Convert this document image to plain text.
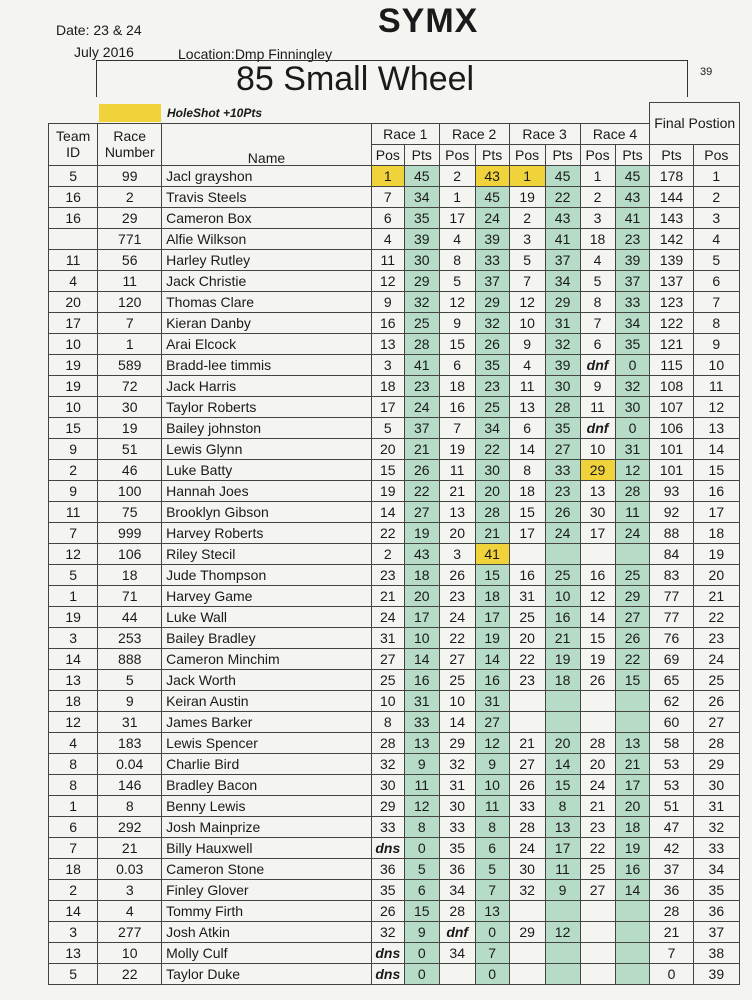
Date: 23 & 24
July 2016	Location:Dmp Finningley
SYMX
85 Small Wheel	39
HoleShot +10Pts
											Final Postion	
Team ID	Race Number	Name	Race 1		Race 2		Race 3		Race 4			
			Pos	Pts	Pos	Pts	Pos	Pts	Pos	Pts	Pts	Pos
5	99	Jacl grayshon	1	45	2	43	1	45	1	45	178	1
16	2	Travis Steels	7	34	1	45	19	22	2	43	144	2
16	29	Cameron Box	6	35	17	24	2	43	3	41	143	3
	771	Alfie Wilkson	4	39	4	39	3	41	18	23	142	4
11	56	Harley Rutley	11	30	8	33	5	37	4	39	139	5
4	11	Jack Christie	12	29	5	37	7	34	5	37	137	6
20	120	Thomas Clare	9	32	12	29	12	29	8	33	123	7
17	7	Kieran Danby	16	25	9	32	10	31	7	34	122	8
10	1	Arai Elcock	13	28	15	26	9	32	6	35	121	9
19	589	Bradd-lee timmis	3	41	6	35	4	39	dnf	0	115	10
19	72	Jack Harris	18	23	18	23	11	30	9	32	108	11
10	30	Taylor Roberts	17	24	16	25	13	28	11	30	107	12
15	19	Bailey johnston	5	37	7	34	6	35	dnf	0	106	13
9	51	Lewis Glynn	20	21	19	22	14	27	10	31	101	14
2	46	Luke Batty	15	26	11	30	8	33	29	12	101	15
9	100	Hannah Joes	19	22	21	20	18	23	13	28	93	16
11	75	Brooklyn Gibson	14	27	13	28	15	26	30	11	92	17
7	999	Harvey Roberts	22	19	20	21	17	24	17	24	88	18
12	106	Riley Stecil	2	43	3	41					84	19
5	18	Jude Thompson	23	18	26	15	16	25	16	25	83	20
1	71	Harvey Game	21	20	23	18	31	10	12	29	77	21
19	44	Luke Wall	24	17	24	17	25	16	14	27	77	22
3	253	Bailey Bradley	31	10	22	19	20	21	15	26	76	23
14	888	Cameron Minchim	27	14	27	14	22	19	19	22	69	24
13	5	Jack Worth	25	16	25	16	23	18	26	15	65	25
18	9	Keiran Austin	10	31	10	31					62	26
12	31	James Barker	8	33	14	27					60	27
4	183	Lewis Spencer	28	13	29	12	21	20	28	13	58	28
8	0.04	Charlie Bird	32	9	32	9	27	14	20	21	53	29
8	146	Bradley Bacon	30	11	31	10	26	15	24	17	53	30
1	8	Benny Lewis	29	12	30	11	33	8	21	20	51	31
6	292	Josh Mainprize	33	8	33	8	28	13	23	18	47	32
7	21	Billy Hauxwell	dns	0	35	6	24	17	22	19	42	33
18	0.03	Cameron Stone	36	5	36	5	30	11	25	16	37	34
2	3	Finley Glover	35	6	34	7	32	9	27	14	36	35
14	4	Tommy Firth	26	15	28	13					28	36
3	277	Josh Atkin	32	9	dnf	0	29	12			21	37
13	10	Molly Culf	dns	0	34	7					7	38
5	22	Taylor Duke	dns	0		0					0	39
